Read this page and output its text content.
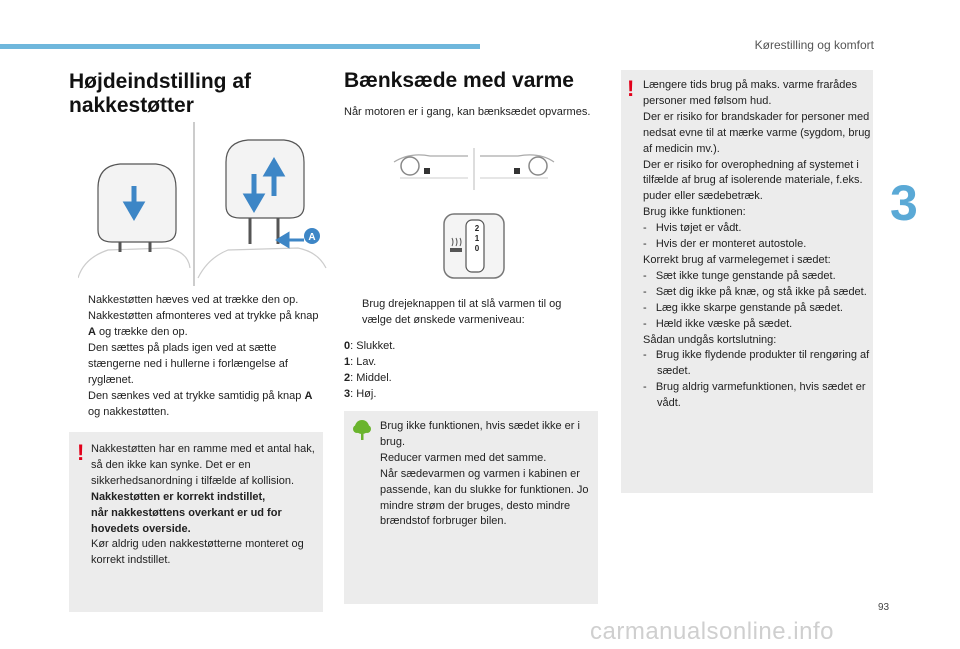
Kørestilling og komfort
3
Højdeindstilling af
nakkestøtter
A
Nakkestøtten hæves ved at trække den op.
Nakkestøtten afmonteres ved at trykke på knap A og trække den op.
Den sættes på plads igen ved at sætte stængerne ned i hullerne i forlængelse af ryglænet.
Den sænkes ved at trykke samtidig på knap A og nakkestøtten.
! Nakkestøtten har en ramme med et antal hak, så den ikke kan synke. Det er en sikkerhedsanordning i tilfælde af kollision.
Nakkestøtten er korrekt indstillet,
når nakkestøttens overkant er ud for hovedets overside.
Kør aldrig uden nakkestøtterne monteret og korrekt indstillet.
Bænksæde med varme
Når motoren er i gang, kan bænksædet opvarmes.
2
1
0
Brug drejeknappen til at slå varmen til og vælge det ønskede varmeniveau:
0: Slukket.
1: Lav.
2: Middel.
3: Høj.
Brug ikke funktionen, hvis sædet ikke er i brug.
Reducer varmen med det samme.
Når sædevarmen og varmen i kabinen er passende, kan du slukke for funktionen. Jo mindre strøm der bruges, desto mindre brændstof forbruger bilen.
! Længere tids brug på maks. varme frarådes personer med følsom hud.
Der er risiko for brandskader for personer med nedsat evne til at mærke varme (sygdom, brug af medicin mv.).
Der er risiko for overophedning af systemet i tilfælde af brug af isolerende materiale, f.eks. puder eller sædebetræk.
Brug ikke funktionen:
- Hvis tøjet er vådt.
- Hvis der er monteret autostole.
Korrekt brug af varmelegemet i sædet:
- Sæt ikke tunge genstande på sædet.
- Sæt dig ikke på knæ, og stå ikke på sædet.
- Læg ikke skarpe genstande på sædet.
- Hæld ikke væske på sædet.
Sådan undgås kortslutning:
- Brug ikke flydende produkter til rengøring af sædet.
- Brug aldrig varmefunktionen, hvis sædet er vådt.
93
carmanualsonline.info
